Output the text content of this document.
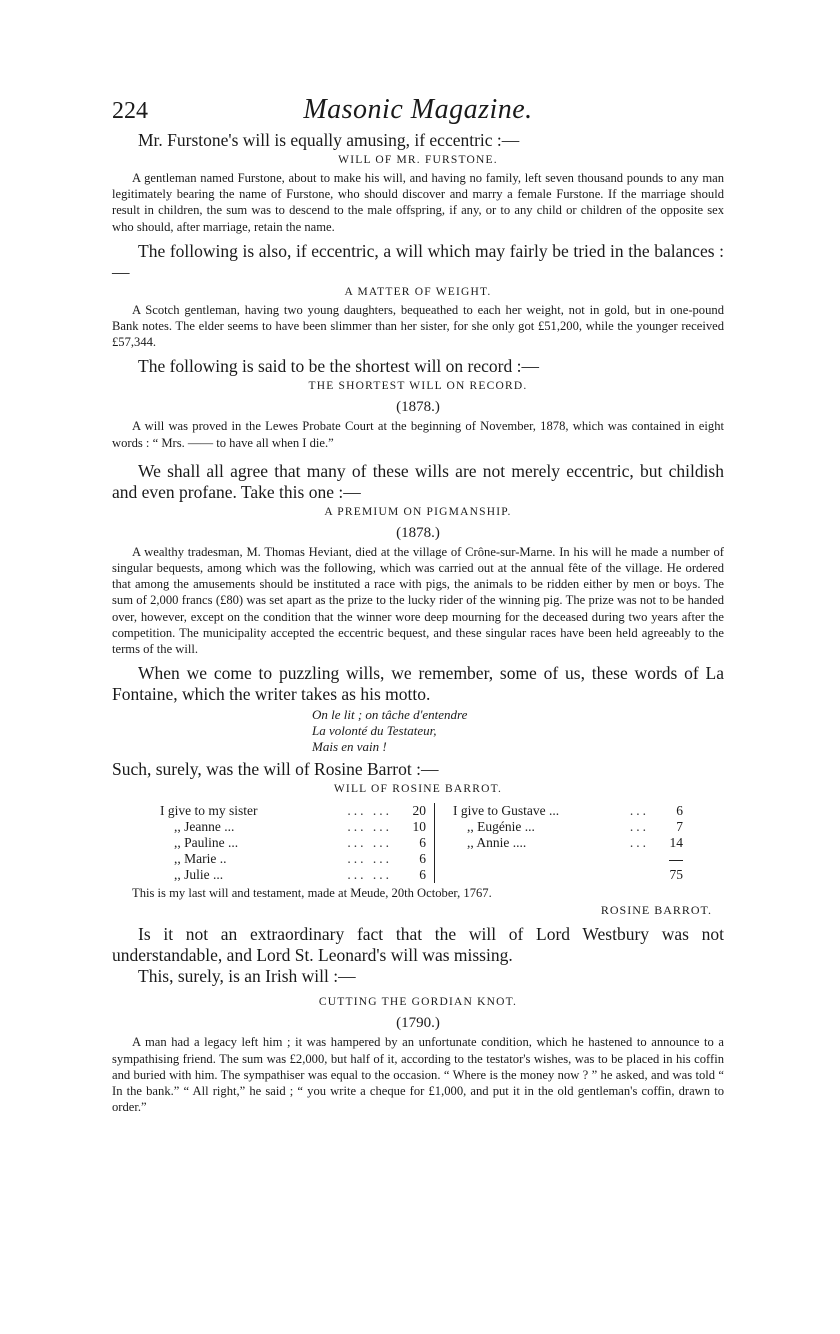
224	Masonic Magazine.

Mr. Furstone's will is equally amusing, if eccentric :—

WILL OF MR. FURSTONE.

A gentleman named Furstone, about to make his will, and having no family, left seven thousand pounds to any man legitimately bearing the name of Furstone, who should discover and marry a female Furstone. If the marriage should result in children, the sum was to descend to the male offspring, if any, or to any child or children of the opposite sex who should, after marriage, retain the name.

The following is also, if eccentric, a will which may fairly be tried in the balances :—

A MATTER OF WEIGHT.

A Scotch gentleman, having two young daughters, bequeathed to each her weight, not in gold, but in one-pound Bank notes. The elder seems to have been slimmer than her sister, for she only got £51,200, while the younger received £57,344.

The following is said to be the shortest will on record :—

THE SHORTEST WILL ON RECORD.

(1878.)

A will was proved in the Lewes Probate Court at the beginning of November, 1878, which was contained in eight words : “ Mrs. —— to have all when I die.”

We shall all agree that many of these wills are not merely eccentric, but childish and even profane. Take this one :—

A PREMIUM ON PIGMANSHIP.

(1878.)

A wealthy tradesman, M. Thomas Heviant, died at the village of Crône-sur-Marne. In his will he made a number of singular bequests, among which was the following, which was carried out at the annual fête of the village. He ordered that among the amusements should be instituted a race with pigs, the animals to be ridden either by men or boys. The sum of 2,000 francs (£80) was set apart as the prize to the lucky rider of the winning pig. The prize was not to be handed over, however, except on the condition that the winner wore deep mourning for the deceased during two years after the competition. The municipality accepted the eccentric bequest, and these singular races have been held agreeably to the terms of the will.

When we come to puzzling wills, we remember, some of us, these words of La Fontaine, which the writer takes as his motto.

On le lit ; on tâche d'entendre
La volonté du Testateur,
Mais en vain !

Such, surely, was the will of Rosine Barrot :—

WILL OF ROSINE BARROT.

I give to my sister	... ...	20
,, Jeanne ...	... ...	10
,, Pauline ...	... ...	6
,, Marie ..	... ...	6
,, Julie ...	... ...	6
I give to Gustave ...	...	6
,, Eugénie ...	...	7
,, Annie ....	...	14
75

This is my last will and testament, made at Meude, 20th October, 1767.

ROSINE BARROT.

Is it not an extraordinary fact that the will of Lord Westbury was not understandable, and Lord St. Leonard's will was missing.

This, surely, is an Irish will :—

CUTTING THE GORDIAN KNOT.

(1790.)

A man had a legacy left him ; it was hampered by an unfortunate condition, which he hastened to announce to a sympathising friend. The sum was £2,000, but half of it, according to the testator's wishes, was to be placed in his coffin and buried with him. The sympathiser was equal to the occasion. “ Where is the money now ? ” he asked, and was told “ In the bank.” “ All right,” he said ; “ you write a cheque for £1,000, and put it in the old gentleman's coffin, drawn to order.”
